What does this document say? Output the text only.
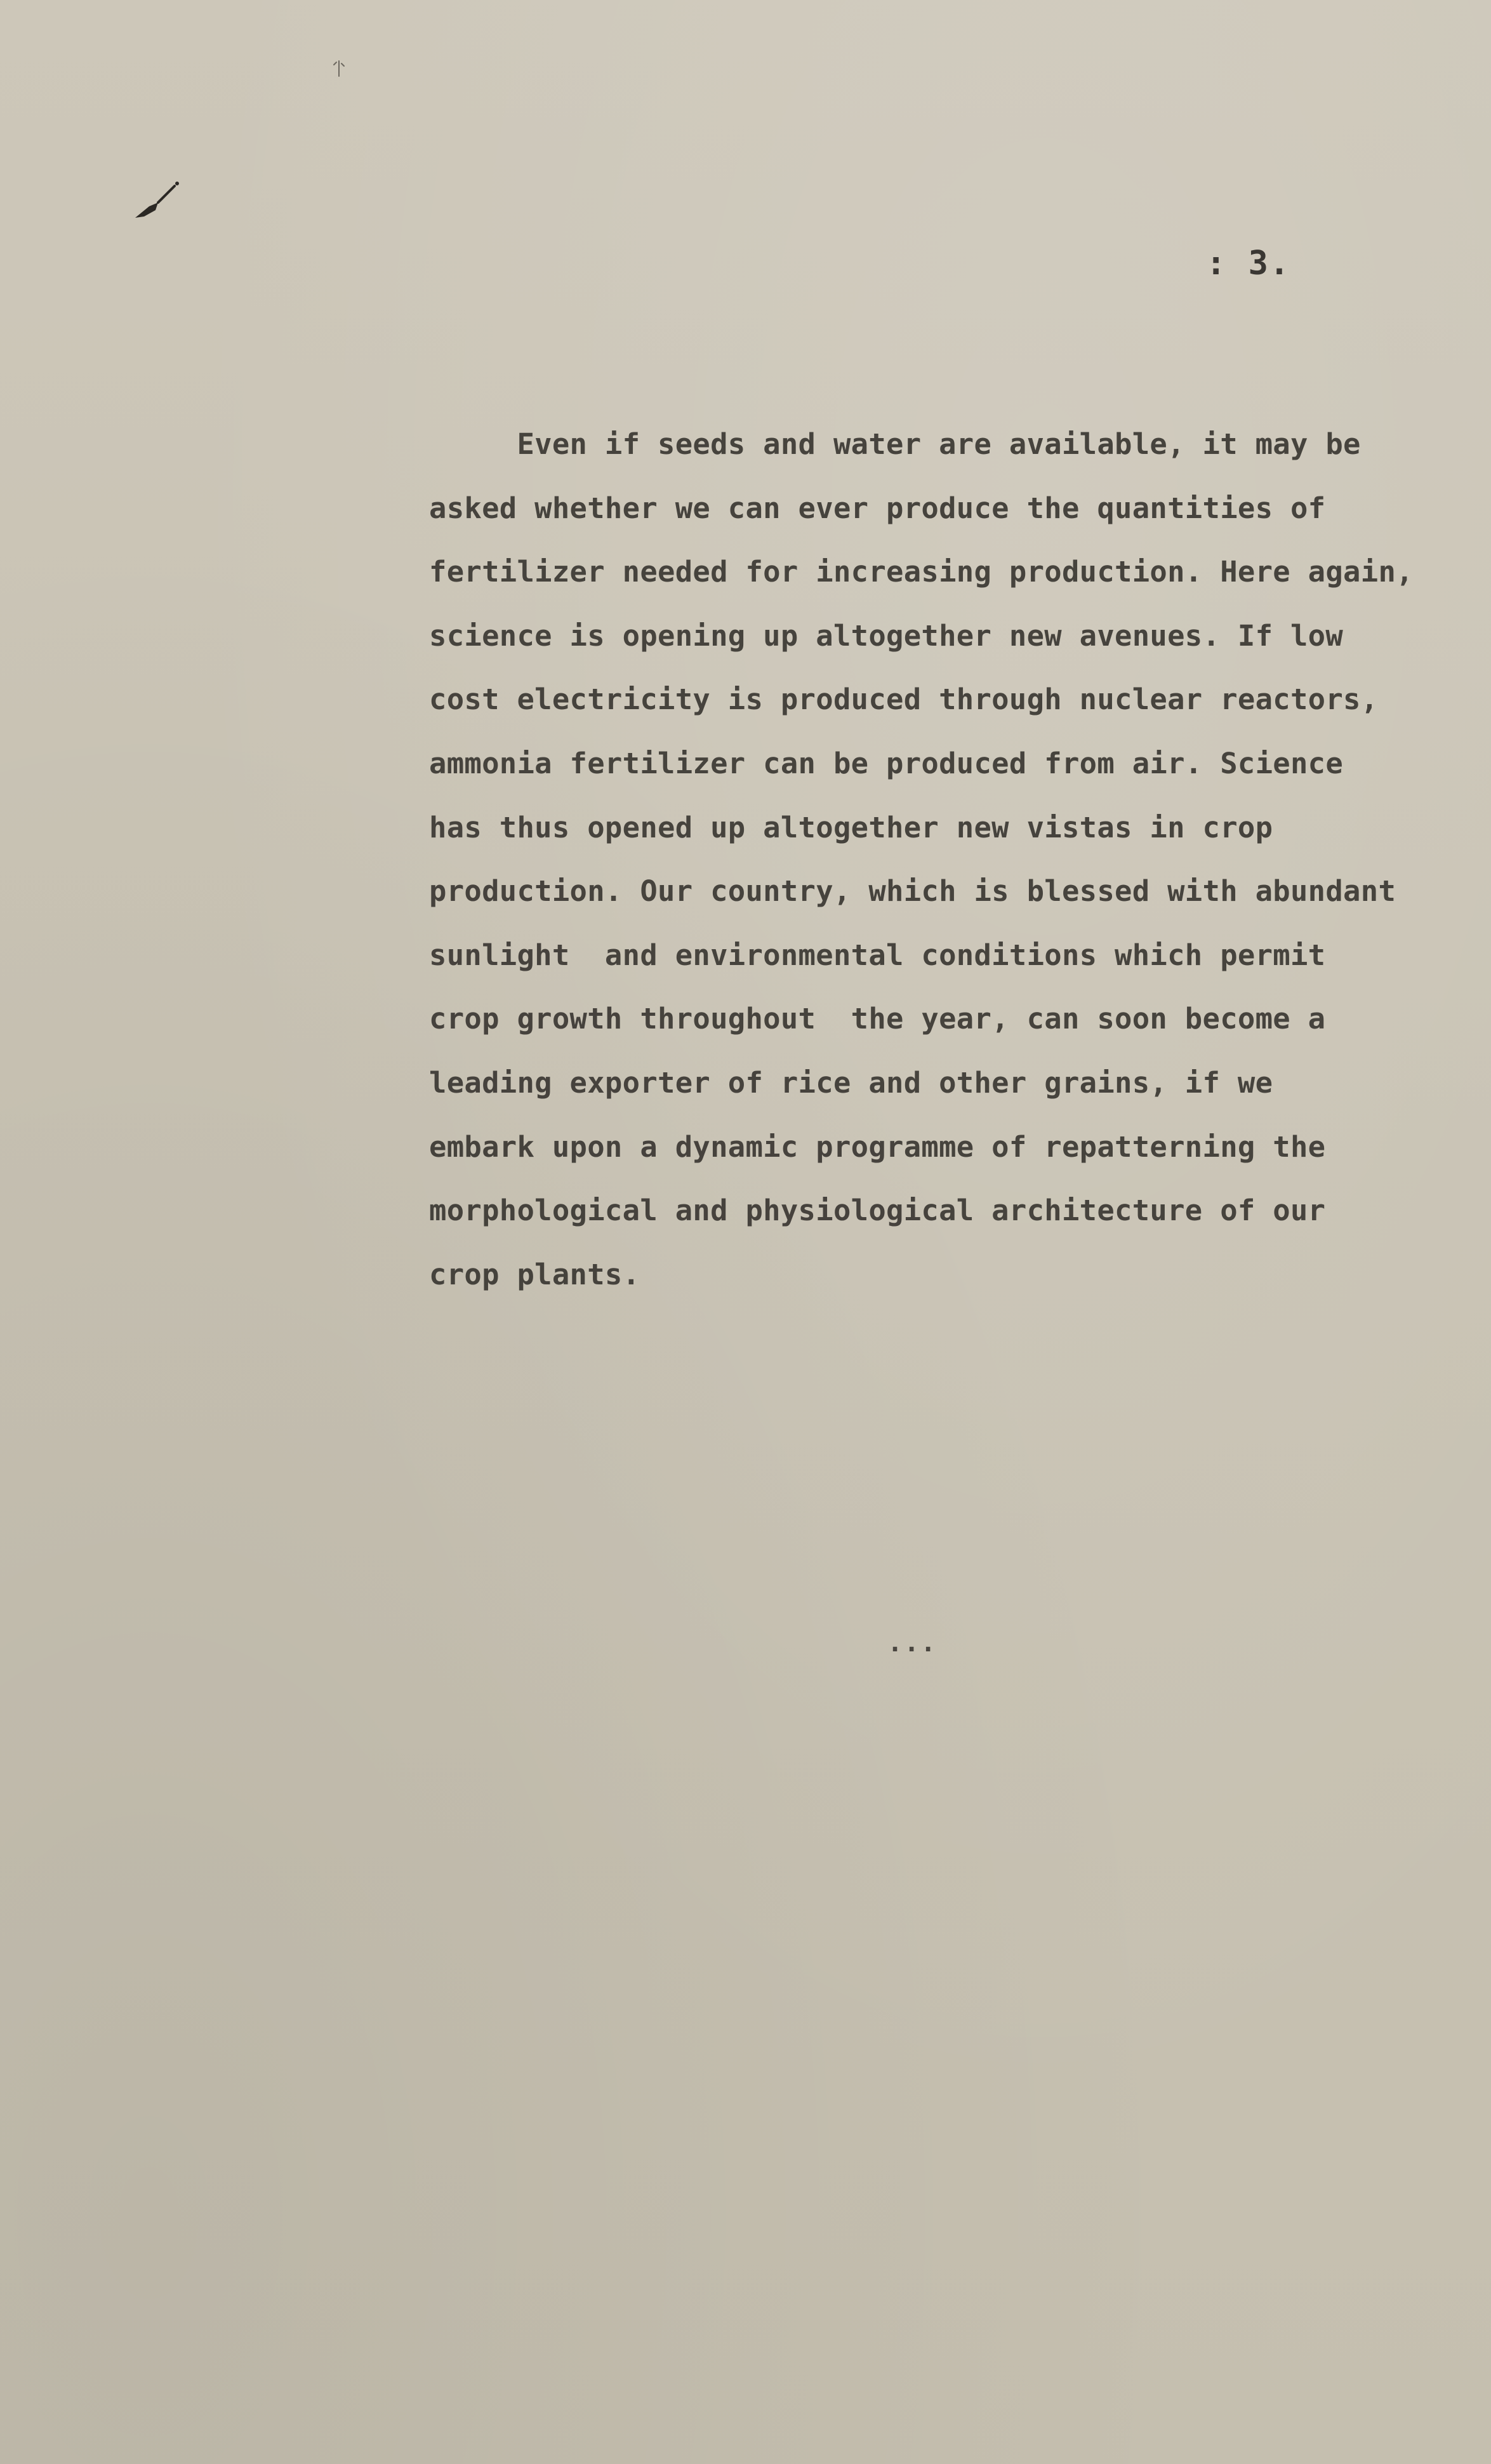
: 3.
Even if seeds and water are available, it may be
asked whether we can ever produce the quantities of
fertilizer needed for increasing production. Here again,
science is opening up altogether new avenues. If low
cost electricity is produced through nuclear reactors,
ammonia fertilizer can be produced from air. Science
has thus opened up altogether new vistas in crop
production. Our country, which is blessed with abundant
sunlight  and environmental conditions which permit
crop growth throughout  the year, can soon become a
leading exporter of rice and other grains, if we
embark upon a dynamic programme of repatterning the
morphological and physiological architecture of our
crop plants.
...
